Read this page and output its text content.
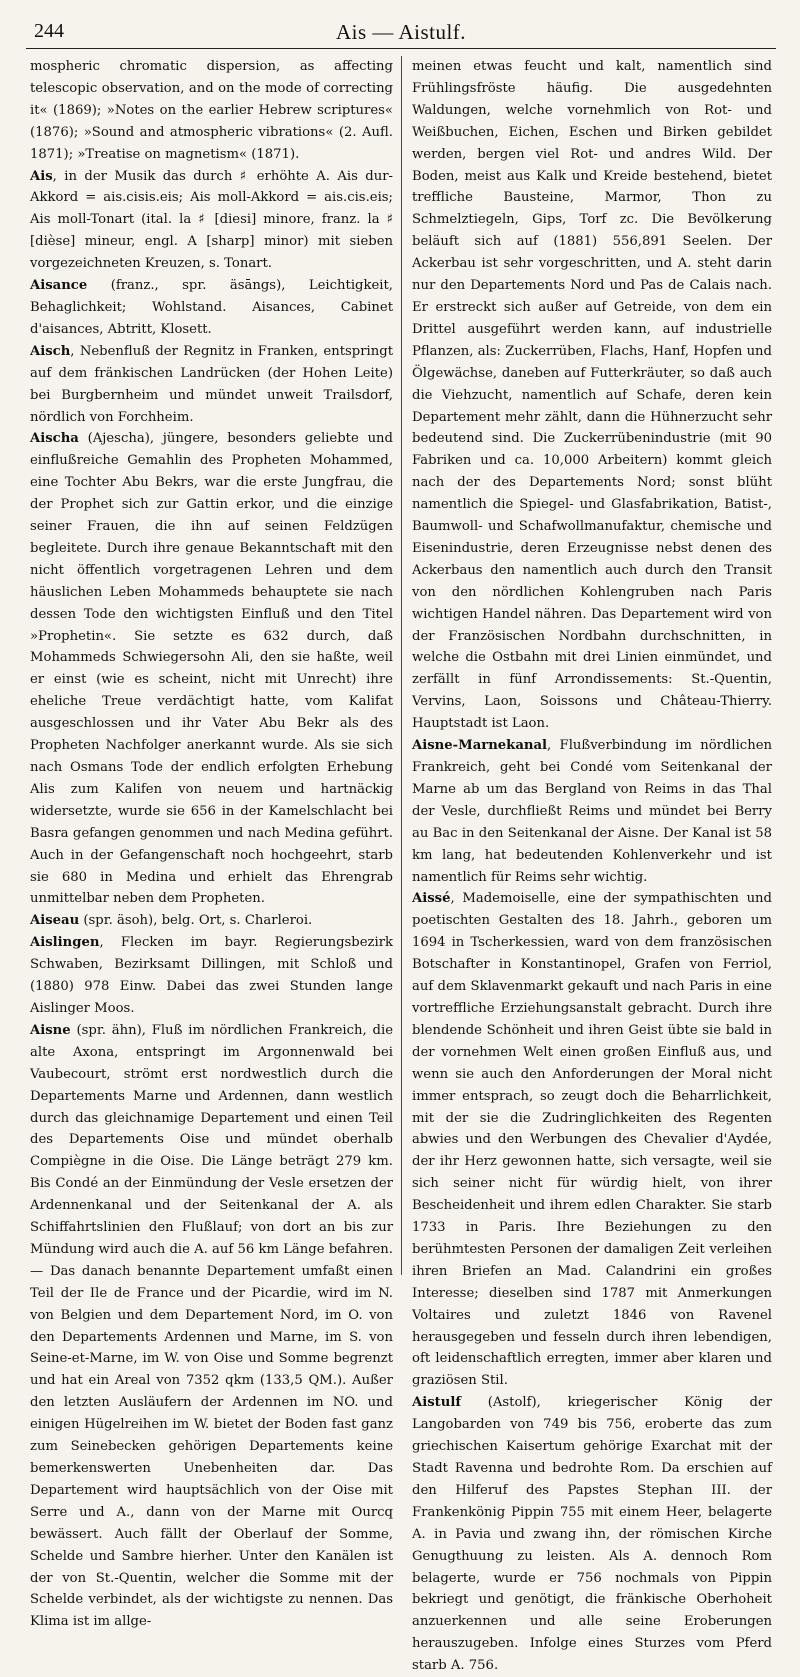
244	Ais — Aistulf.

mospheric chromatic dispersion, as affecting telescopic observation, and on the mode of correcting it« (1869); »Notes on the earlier Hebrew scriptures« (1876); »Sound and atmospheric vibrations« (2. Aufl. 1871); »Treatise on magnetism« (1871).

Ais, in der Musik das durch ♯ erhöhte A. Ais dur-Akkord = ais.cisis.eis; Ais moll-Akkord = ais.cis.eis; Ais moll-Tonart (ital. la ♯ [diesi] minore, franz. la ♯ [dièse] mineur, engl. A [sharp] minor) mit sieben vorgezeichneten Kreuzen, s. Tonart.

Aisance (franz., spr. äsāngs), Leichtigkeit, Behaglichkeit; Wohlstand. Aisances, Cabinet d'aisances, Abtritt, Klosett.

Aisch, Nebenfluß der Regnitz in Franken, entspringt auf dem fränkischen Landrücken (der Hohen Leite) bei Burgbernheim und mündet unweit Trailsdorf, nördlich von Forchheim.

Aischa (Ajescha), jüngere, besonders geliebte und einflußreiche Gemahlin des Propheten Mohammed, eine Tochter Abu Bekrs, war die erste Jungfrau, die der Prophet sich zur Gattin erkor, und die einzige seiner Frauen, die ihn auf seinen Feldzügen begleitete. Durch ihre genaue Bekanntschaft mit den nicht öffentlich vorgetragenen Lehren und dem häuslichen Leben Mohammeds behauptete sie nach dessen Tode den wichtigsten Einfluß und den Titel »Prophetin«. Sie setzte es 632 durch, daß Mohammeds Schwiegersohn Ali, den sie haßte, weil er einst (wie es scheint, nicht mit Unrecht) ihre eheliche Treue verdächtigt hatte, vom Kalifat ausgeschlossen und ihr Vater Abu Bekr als des Propheten Nachfolger anerkannt wurde. Als sie sich nach Osmans Tode der endlich erfolgten Erhebung Alis zum Kalifen von neuem und hartnäckig widersetzte, wurde sie 656 in der Kamelschlacht bei Basra gefangen genommen und nach Medina geführt. Auch in der Gefangenschaft noch hochgeehrt, starb sie 680 in Medina und erhielt das Ehrengrab unmittelbar neben dem Propheten.

Aiseau (spr. äsoh), belg. Ort, s. Charleroi.

Aislingen, Flecken im bayr. Regierungsbezirk Schwaben, Bezirksamt Dillingen, mit Schloß und (1880) 978 Einw. Dabei das zwei Stunden lange Aislinger Moos.

Aisne (spr. ähn), Fluß im nördlichen Frankreich, die alte Axona, entspringt im Argonnenwald bei Vaubecourt, strömt erst nordwestlich durch die Departements Marne und Ardennen, dann westlich durch das gleichnamige Departement und einen Teil des Departements Oise und mündet oberhalb Compiègne in die Oise. Die Länge beträgt 279 km. Bis Condé an der Einmündung der Vesle ersetzen der Ardennenkanal und der Seitenkanal der A. als Schiffahrtslinien den Flußlauf; von dort an bis zur Mündung wird auch die A. auf 56 km Länge befahren. — Das danach benannte Departement umfaßt einen Teil der Ile de France und der Picardie, wird im N. von Belgien und dem Departement Nord, im O. von den Departements Ardennen und Marne, im S. von Seine-et-Marne, im W. von Oise und Somme begrenzt und hat ein Areal von 7352 qkm (133,5 QM.). Außer den letzten Ausläufern der Ardennen im NO. und einigen Hügelreihen im W. bietet der Boden fast ganz zum Seinebecken gehörigen Departements keine bemerkenswerten Unebenheiten dar. Das Departement wird hauptsächlich von der Oise mit Serre und A., dann von der Marne mit Ourcq bewässert. Auch fällt der Oberlauf der Somme, Schelde und Sambre hierher. Unter den Kanälen ist der von St.-Quentin, welcher die Somme mit der Schelde verbindet, als der wichtigste zu nennen. Das Klima ist im allge-

meinen etwas feucht und kalt, namentlich sind Frühlingsfröste häufig. Die ausgedehnten Waldungen, welche vornehmlich von Rot- und Weißbuchen, Eichen, Eschen und Birken gebildet werden, bergen viel Rot- und andres Wild. Der Boden, meist aus Kalk und Kreide bestehend, bietet treffliche Bausteine, Marmor, Thon zu Schmelztiegeln, Gips, Torf zc. Die Bevölkerung beläuft sich auf (1881) 556,891 Seelen. Der Ackerbau ist sehr vorgeschritten, und A. steht darin nur den Departements Nord und Pas de Calais nach. Er erstreckt sich außer auf Getreide, von dem ein Drittel ausgeführt werden kann, auf industrielle Pflanzen, als: Zuckerrüben, Flachs, Hanf, Hopfen und Ölgewächse, daneben auf Futterkräuter, so daß auch die Viehzucht, namentlich auf Schafe, deren kein Departement mehr zählt, dann die Hühnerzucht sehr bedeutend sind. Die Zuckerrübenindustrie (mit 90 Fabriken und ca. 10,000 Arbeitern) kommt gleich nach der des Departements Nord; sonst blüht namentlich die Spiegel- und Glasfabrikation, Batist-, Baumwoll- und Schafwollmanufaktur, chemische und Eisenindustrie, deren Erzeugnisse nebst denen des Ackerbaus den namentlich auch durch den Transit von den nördlichen Kohlengruben nach Paris wichtigen Handel nähren. Das Departement wird von der Französischen Nordbahn durchschnitten, in welche die Ostbahn mit drei Linien einmündet, und zerfällt in fünf Arrondissements: St.-Quentin, Vervins, Laon, Soissons und Château-Thierry. Hauptstadt ist Laon.

Aisne-Marnekanal, Flußverbindung im nördlichen Frankreich, geht bei Condé vom Seitenkanal der Marne ab um das Bergland von Reims in das Thal der Vesle, durchfließt Reims und mündet bei Berry au Bac in den Seitenkanal der Aisne. Der Kanal ist 58 km lang, hat bedeutenden Kohlenverkehr und ist namentlich für Reims sehr wichtig.

Aissé, Mademoiselle, eine der sympathischten und poetischten Gestalten des 18. Jahrh., geboren um 1694 in Tscherkessien, ward von dem französischen Botschafter in Konstantinopel, Grafen von Ferriol, auf dem Sklavenmarkt gekauft und nach Paris in eine vortreffliche Erziehungsanstalt gebracht. Durch ihre blendende Schönheit und ihren Geist übte sie bald in der vornehmen Welt einen großen Einfluß aus, und wenn sie auch den Anforderungen der Moral nicht immer entsprach, so zeugt doch die Beharrlichkeit, mit der sie die Zudringlichkeiten des Regenten abwies und den Werbungen des Chevalier d'Aydée, der ihr Herz gewonnen hatte, sich versagte, weil sie sich seiner nicht für würdig hielt, von ihrer Bescheidenheit und ihrem edlen Charakter. Sie starb 1733 in Paris. Ihre Beziehungen zu den berühmtesten Personen der damaligen Zeit verleihen ihren Briefen an Mad. Calandrini ein großes Interesse; dieselben sind 1787 mit Anmerkungen Voltaires und zuletzt 1846 von Ravenel herausgegeben und fesseln durch ihren lebendigen, oft leidenschaftlich erregten, immer aber klaren und graziösen Stil.

Aistulf (Astolf), kriegerischer König der Langobarden von 749 bis 756, eroberte das zum griechischen Kaisertum gehörige Exarchat mit der Stadt Ravenna und bedrohte Rom. Da erschien auf den Hilferuf des Papstes Stephan III. der Frankenkönig Pippin 755 mit einem Heer, belagerte A. in Pavia und zwang ihn, der römischen Kirche Genugthuung zu leisten. Als A. dennoch Rom belagerte, wurde er 756 nochmals von Pippin bekriegt und genötigt, die fränkische Oberhoheit anzuerkennen und alle seine Eroberungen herauszugeben. Infolge eines Sturzes vom Pferd starb A. 756.
